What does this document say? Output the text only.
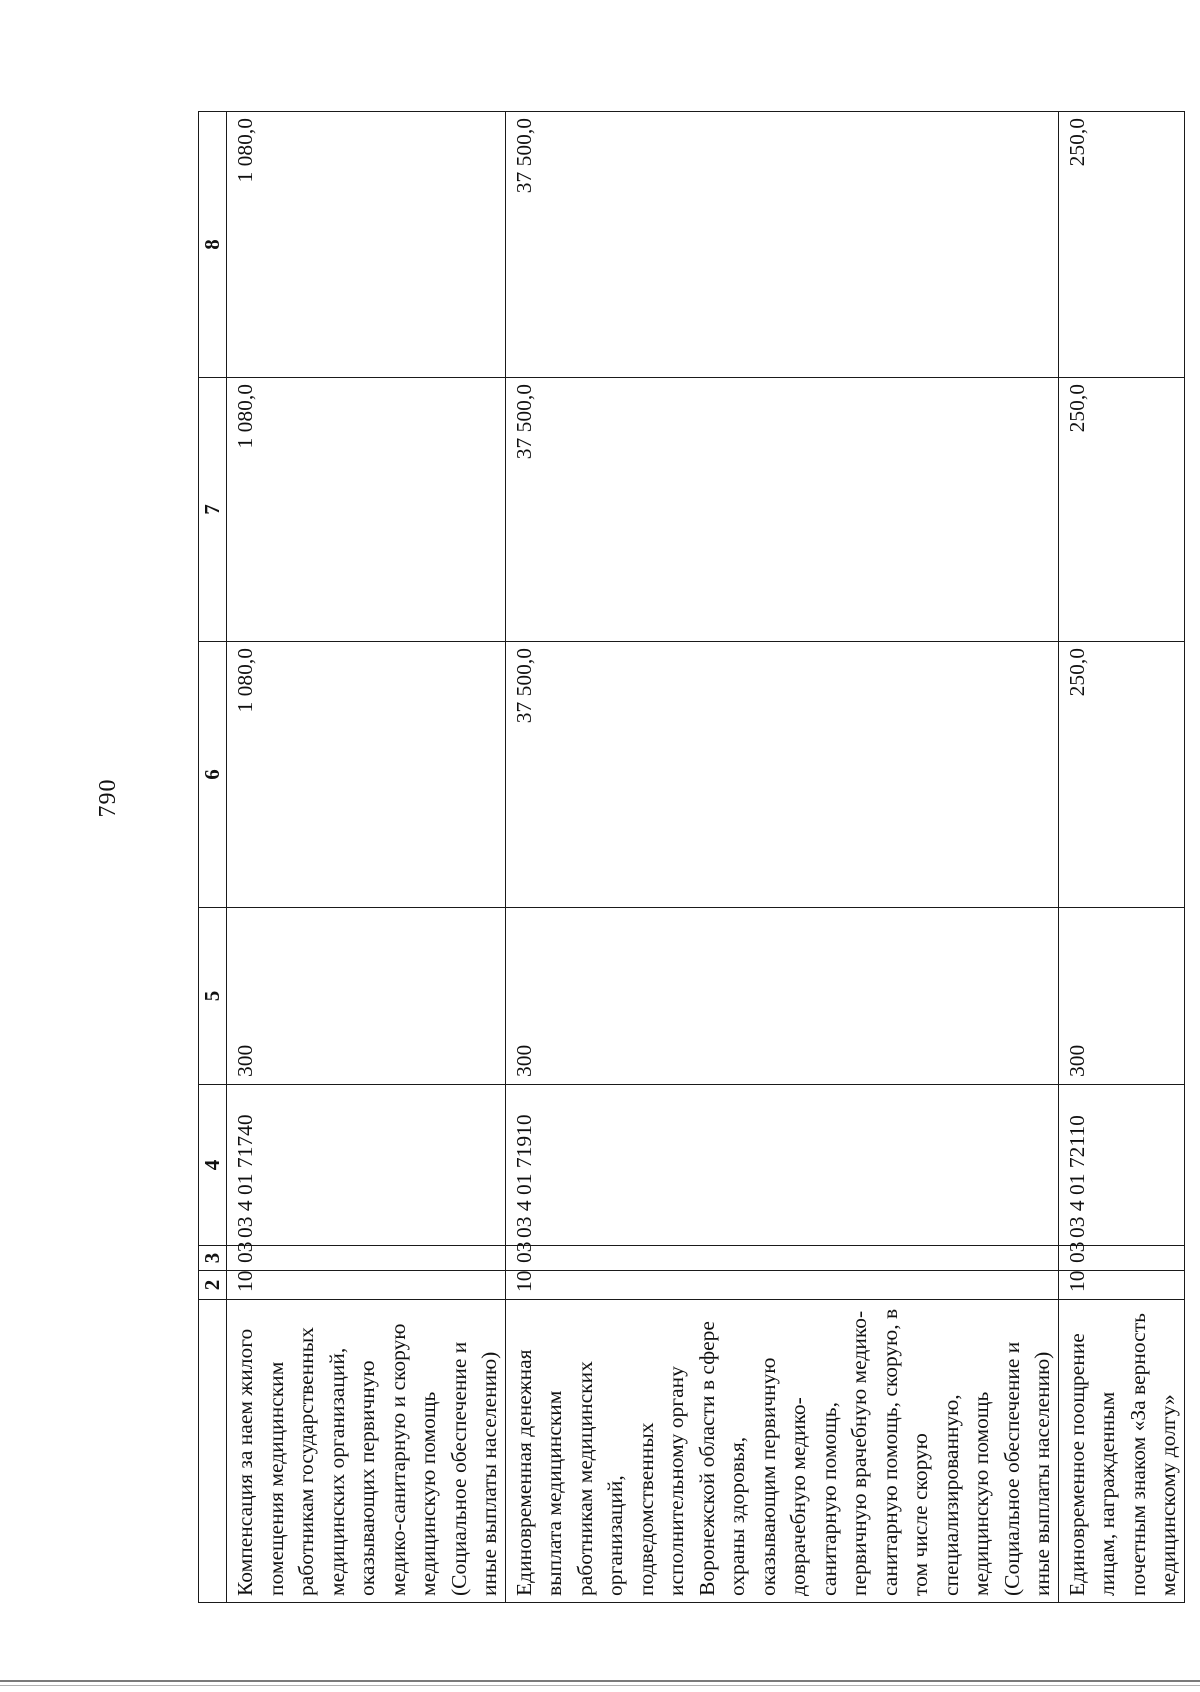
790
	2	3	4	5	6	7	8
Компенсация за наем жилого помещения медицинским работникам государственных медицинских организаций, оказывающих первичную медико-санитарную и скорую медицинскую помощь (Социальное обеспечение и иные выплаты населению)	10	03	03 4 01 71740	300	1 080,0	1 080,0	1 080,0
Единовременная денежная выплата медицинским работникам медицинских организаций, подведомственных исполнительному органу Воронежской области в сфере охраны здоровья, оказывающим первичную доврачебную медико-санитарную помощь, первичную врачебную медико-санитарную помощь, скорую, в том числе скорую специализированную, медицинскую помощь (Социальное обеспечение и иные выплаты населению)	10	03	03 4 01 71910	300	37 500,0	37 500,0	37 500,0
Единовременное поощрение лицам, награжденным почетным знаком «За верность медицинскому долгу»	10	03	03 4 01 72110	300	250,0	250,0	250,0
